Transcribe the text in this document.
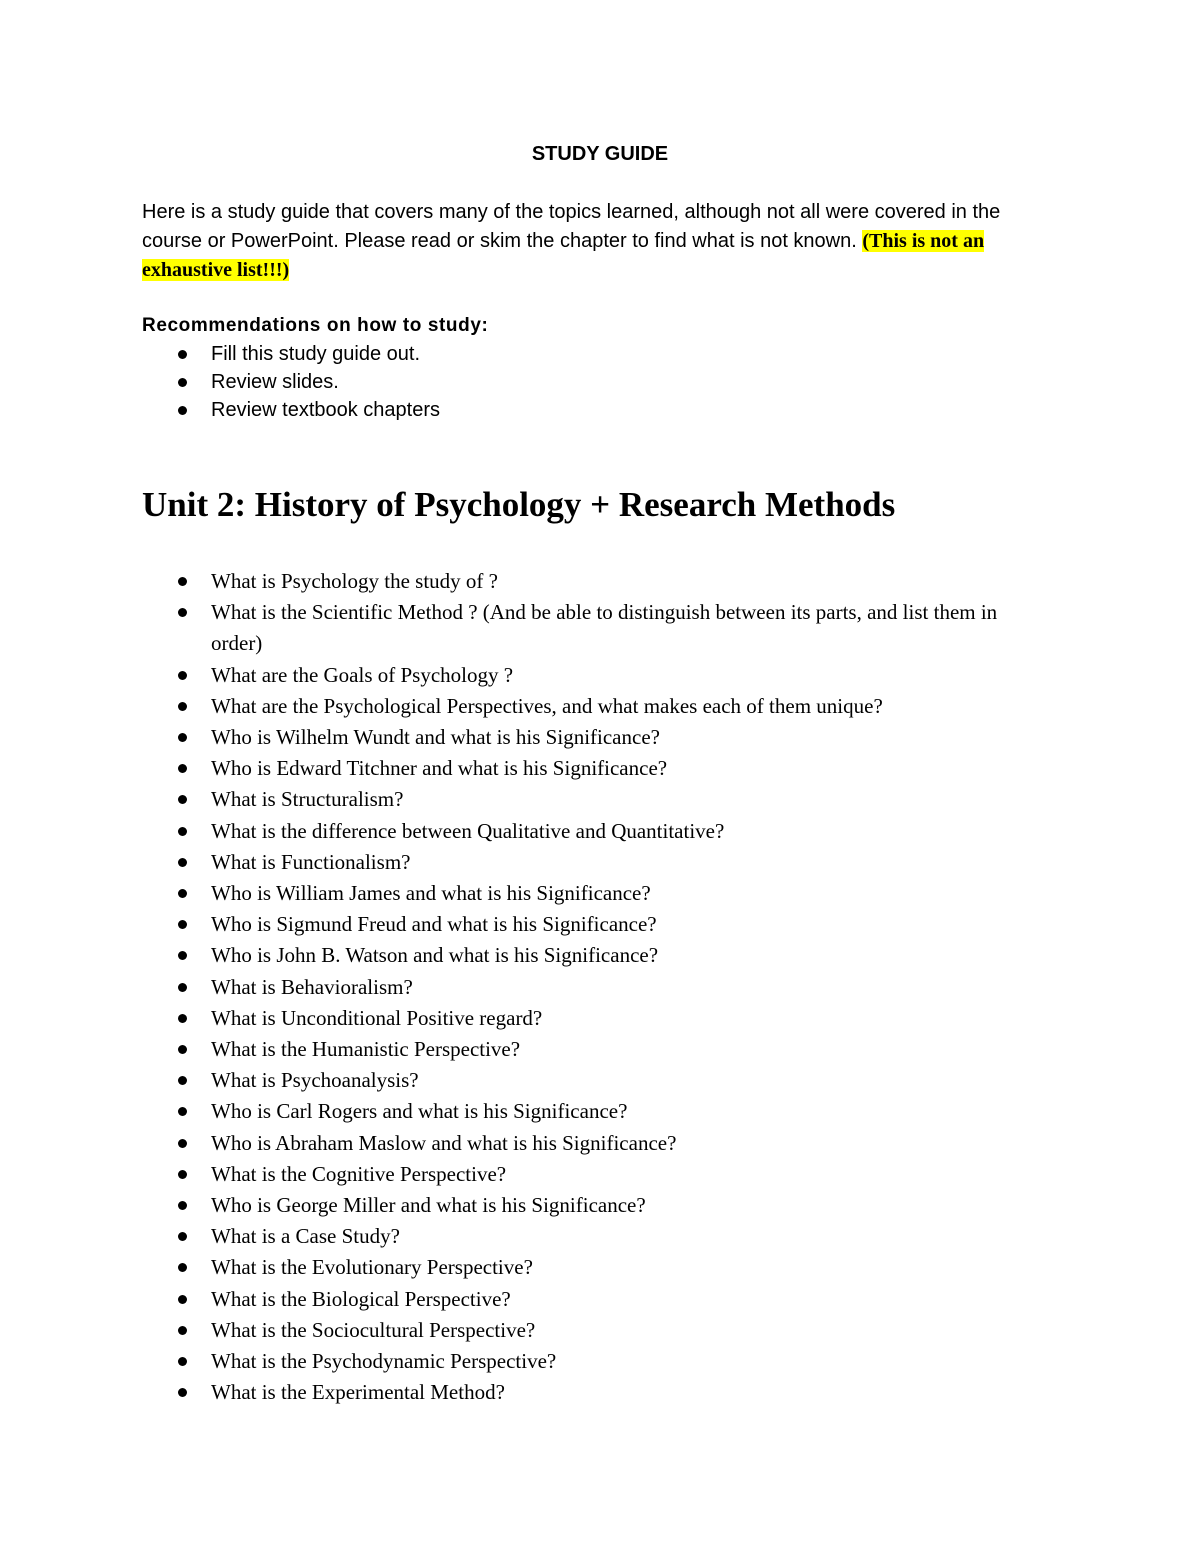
STUDY GUIDE

Here is a study guide that covers many of the topics learned, although not all were covered in the course or PowerPoint. Please read or skim the chapter to find what is not known. (This is not an exhaustive list!!!)

Recommendations on how to study:

Fill this study guide out.
Review slides.
Review textbook chapters
Unit 2: History of Psychology + Research Methods
What is Psychology the study of ?
What is the Scientific Method ? (And be able to distinguish between its parts, and list them in order)
What are the Goals of Psychology ?
What are the Psychological Perspectives, and what makes each of them unique?
Who is Wilhelm Wundt and what is his Significance?
Who is Edward Titchner and what is his Significance?
What is Structuralism?
What is the difference between Qualitative and Quantitative?
What is Functionalism?
Who is William James and what is his Significance?
Who is Sigmund Freud and what is his Significance?
Who is John B. Watson and what is his Significance?
What is Behavioralism?
What is Unconditional Positive regard?
What is the Humanistic Perspective?
What is Psychoanalysis?
Who is Carl Rogers and what is his Significance?
Who is Abraham Maslow and what is his Significance?
What is the Cognitive Perspective?
Who is George Miller and what is his Significance?
What is a Case Study?
What is the Evolutionary Perspective?
What is the Biological Perspective?
What is the Sociocultural Perspective?
What is the Psychodynamic Perspective?
What is the Experimental Method?
